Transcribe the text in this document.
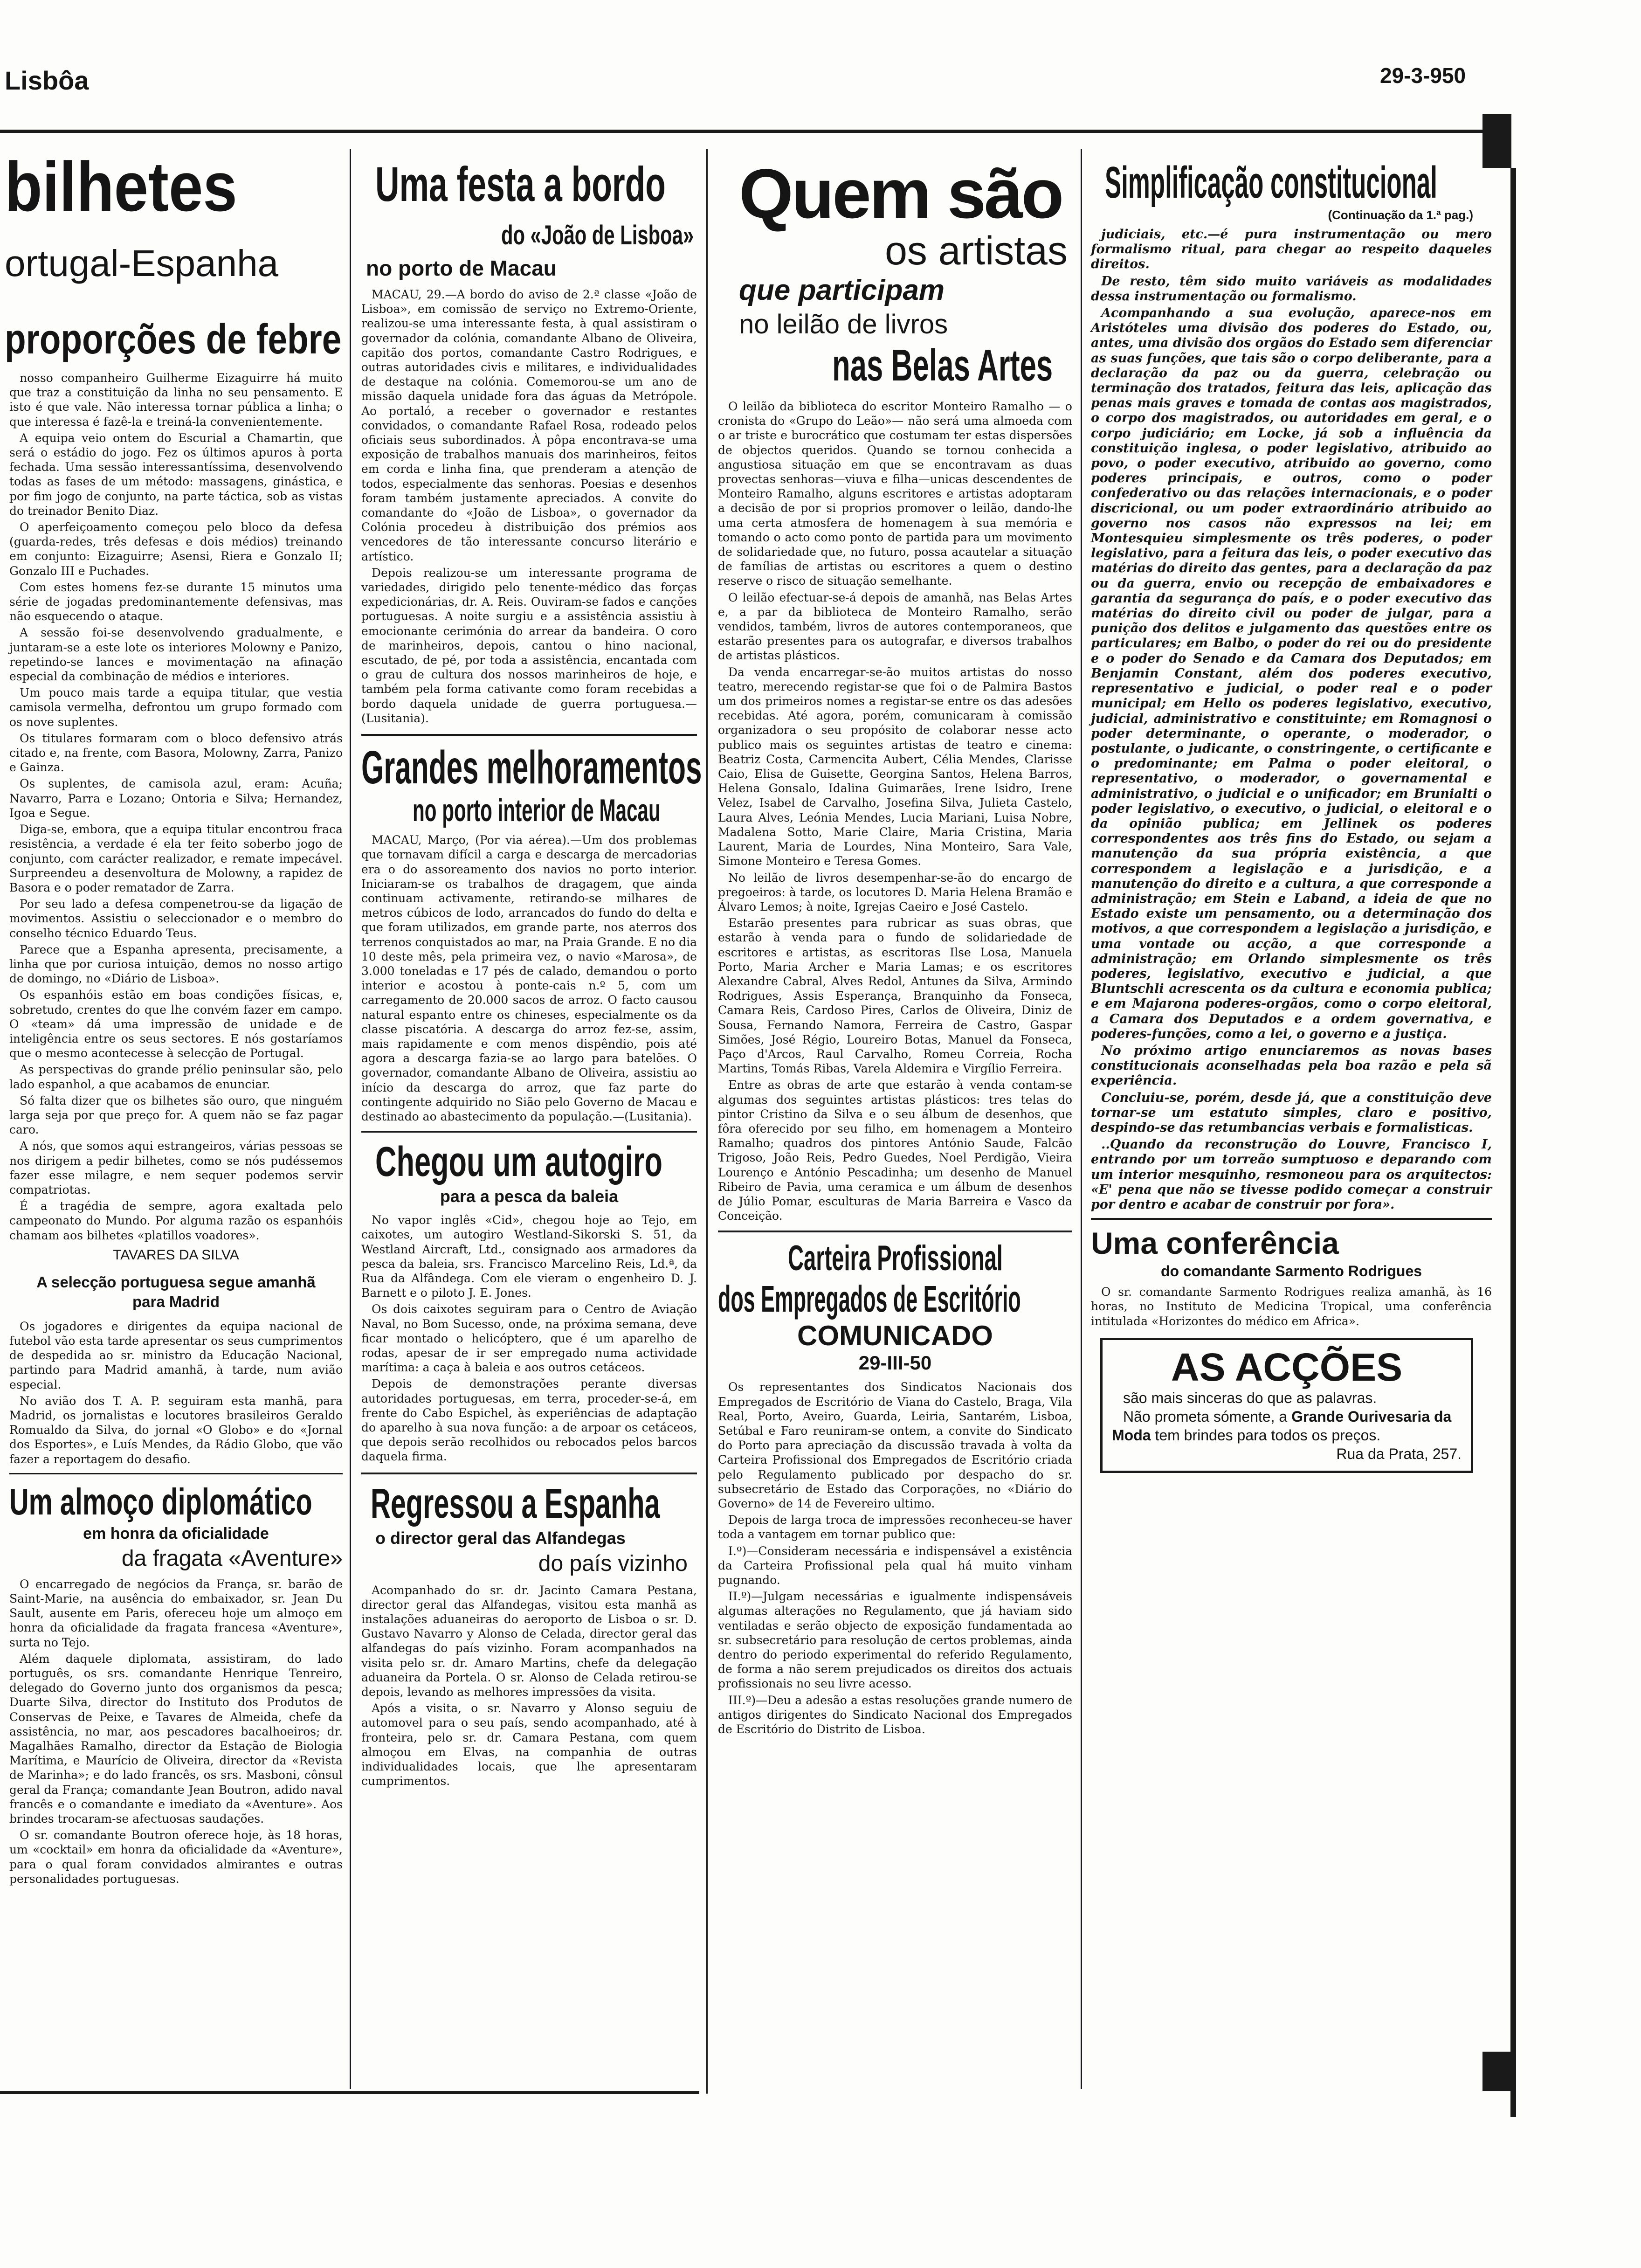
Lisbôa	29-3-950
bilhetes
ortugal-Espanha
proporções de febre

nosso companheiro Guilherme Eizaguirre há muito que traz a constituição da linha no seu pensamento. E isto é que vale. Não interessa tornar pública a linha; o que interessa é fazê-la e treiná-la convenientemente.

A equipa veio ontem do Escurial a Chamartin, que será o estádio do jogo. Fez os últimos apuros à porta fechada. Uma sessão interessantíssima, desenvolvendo todas as fases de um método: massagens, ginástica, e por fim jogo de conjunto, na parte táctica, sob as vistas do treinador Benito Diaz.

O aperfeiçoamento começou pelo bloco da defesa (guarda-redes, três defesas e dois médios) treinando em conjunto: Eizaguirre; Asensi, Riera e Gonzalo II; Gonzalo III e Puchades.

Com estes homens fez-se durante 15 minutos uma série de jogadas predominantemente defensivas, mas não esquecendo o ataque.

A sessão foi-se desenvolvendo gradualmente, e juntaram-se a este lote os interiores Molowny e Panizo, repetindo-se lances e movimentação na afinação especial da combinação de médios e interiores.

Um pouco mais tarde a equipa titular, que vestia camisola vermelha, defrontou um grupo formado com os nove suplentes.

Os titulares formaram com o bloco defensivo atrás citado e, na frente, com Basora, Molowny, Zarra, Panizo e Gainza.

Os suplentes, de camisola azul, eram: Acuña; Navarro, Parra e Lozano; Ontoria e Silva; Hernandez, Igoa e Segue.

Diga-se, embora, que a equipa titular encontrou fraca resistência, a verdade é ela ter feito soberbo jogo de conjunto, com carácter realizador, e remate impecável. Surpreendeu a desenvoltura de Molowny, a rapidez de Basora e o poder rematador de Zarra.

Por seu lado a defesa compenetrou-se da ligação de movimentos. Assistiu o seleccionador e o membro do conselho técnico Eduardo Teus.

Parece que a Espanha apresenta, precisamente, a linha que por curiosa intuição, demos no nosso artigo de domingo, no «Diário de Lisboa».

Os espanhóis estão em boas condições físicas, e, sobretudo, crentes do que lhe convém fazer em campo. O «team» dá uma impressão de unidade e de inteligência entre os seus sectores. E nós gostaríamos que o mesmo acontecesse à selecção de Portugal.

As perspectivas do grande prélio peninsular são, pelo lado espanhol, a que acabamos de enunciar.

Só falta dizer que os bilhetes são ouro, que ninguém larga seja por que preço for. A quem não se faz pagar caro.

A nós, que somos aqui estrangeiros, várias pessoas se nos dirigem a pedir bilhetes, como se nós pudéssemos fazer esse milagre, e nem sequer podemos servir compatriotas.

É a tragédia de sempre, agora exaltada pelo campeonato do Mundo. Por alguma razão os espanhóis chamam aos bilhetes «platillos voadores».

TAVARES DA SILVA
A selecção portuguesa segue amanhã para Madrid

Os jogadores e dirigentes da equipa nacional de futebol vão esta tarde apresentar os seus cumprimentos de despedida ao sr. ministro da Educação Nacional, partindo para Madrid amanhã, à tarde, num avião especial.

No avião dos T. A. P. seguiram esta manhã, para Madrid, os jornalistas e locutores brasileiros Geraldo Romualdo da Silva, do jornal «O Globo» e do «Jornal dos Esportes», e Luís Mendes, da Rádio Globo, que vão fazer a reportagem do desafio.

Um almoço diplomático
em honra da oficialidade
da fragata «Aventure»

O encarregado de negócios da França, sr. barão de Saint-Marie, na ausência do embaixador, sr. Jean Du Sault, ausente em Paris, ofereceu hoje um almoço em honra da oficialidade da fragata francesa «Aventure», surta no Tejo.

Além daquele diplomata, assistiram, do lado português, os srs. comandante Henrique Tenreiro, delegado do Governo junto dos organismos da pesca; Duarte Silva, director do Instituto dos Produtos de Conservas de Peixe, e Tavares de Almeida, chefe da assistência, no mar, aos pescadores bacalhoeiros; dr. Magalhães Ramalho, director da Estação de Biologia Marítima, e Maurício de Oliveira, director da «Revista de Marinha»; e do lado francês, os srs. Masboni, cônsul geral da França; comandante Jean Boutron, adido naval francês e o comandante e imediato da «Aventure». Aos brindes trocaram-se afectuosas saudações.

O sr. comandante Boutron oferece hoje, às 18 horas, um «cocktail» em honra da oficialidade da «Aventure», para o qual foram convidados almirantes e outras personalidades portuguesas.

Uma festa a bordo
do «João de Lisboa»
no porto de Macau

MACAU, 29.—A bordo do aviso de 2.ª classe «João de Lisboa», em comissão de serviço no Extremo-Oriente, realizou-se uma interessante festa, à qual assistiram o governador da colónia, comandante Albano de Oliveira, capitão dos portos, comandante Castro Rodrigues, e outras autoridades civis e militares, e individualidades de destaque na colónia. Comemorou-se um ano de missão daquela unidade fora das águas da Metrópole. Ao portaló, a receber o governador e restantes convidados, o comandante Rafael Rosa, rodeado pelos oficiais seus subordinados. À pôpa encontrava-se uma exposição de trabalhos manuais dos marinheiros, feitos em corda e linha fina, que prenderam a atenção de todos, especialmente das senhoras. Poesias e desenhos foram também justamente apreciados. A convite do comandante do «João de Lisboa», o governador da Colónia procedeu à distribuição dos prémios aos vencedores de tão interessante concurso literário e artístico.

Depois realizou-se um interessante programa de variedades, dirigido pelo tenente-médico das forças expedicionárias, dr. A. Reis. Ouviram-se fados e canções portuguesas. A noite surgiu e a assistência assistiu à emocionante cerimónia do arrear da bandeira. O coro de marinheiros, depois, cantou o hino nacional, escutado, de pé, por toda a assistência, encantada com o grau de cultura dos nossos marinheiros de hoje, e também pela forma cativante como foram recebidas a bordo daquela unidade de guerra portuguesa.—(Lusitania).

Grandes melhoramentos
no porto interior de Macau

MACAU, Março, (Por via aérea).—Um dos problemas que tornavam difícil a carga e descarga de mercadorias era o do assoreamento dos navios no porto interior. Iniciaram-se os trabalhos de dragagem, que ainda continuam activamente, retirando-se milhares de metros cúbicos de lodo, arrancados do fundo do delta e que foram utilizados, em grande parte, nos aterros dos terrenos conquistados ao mar, na Praia Grande. E no dia 10 deste mês, pela primeira vez, o navio «Marosa», de 3.000 toneladas e 17 pés de calado, demandou o porto interior e acostou à ponte-cais n.º 5, com um carregamento de 20.000 sacos de arroz. O facto causou natural espanto entre os chineses, especialmente os da classe piscatória. A descarga do arroz fez-se, assim, mais rapidamente e com menos dispêndio, pois até agora a descarga fazia-se ao largo para batelões. O governador, comandante Albano de Oliveira, assistiu ao início da descarga do arroz, que faz parte do contingente adquirido no Sião pelo Governo de Macau e destinado ao abastecimento da população.—(Lusitania).

Chegou um autogiro
para a pesca da baleia

No vapor inglês «Cid», chegou hoje ao Tejo, em caixotes, um autogiro Westland-Sikorski S. 51, da Westland Aircraft, Ltd., consignado aos armadores da pesca da baleia, srs. Francisco Marcelino Reis, Ld.ª, da Rua da Alfândega. Com ele vieram o engenheiro D. J. Barnett e o piloto J. E. Jones.

Os dois caixotes seguiram para o Centro de Aviação Naval, no Bom Sucesso, onde, na próxima semana, deve ficar montado o helicóptero, que é um aparelho de rodas, apesar de ir ser empregado numa actividade marítima: a caça à baleia e aos outros cetáceos.

Depois de demonstrações perante diversas autoridades portuguesas, em terra, proceder-se-á, em frente do Cabo Espichel, às experiências de adaptação do aparelho à sua nova função: a de arpoar os cetáceos, que depois serão recolhidos ou rebocados pelos barcos daquela firma.

Regressou a Espanha
o director geral das Alfandegas
do país vizinho

Acompanhado do sr. dr. Jacinto Camara Pestana, director geral das Alfandegas, visitou esta manhã as instalações aduaneiras do aeroporto de Lisboa o sr. D. Gustavo Navarro y Alonso de Celada, director geral das alfandegas do país vizinho. Foram acompanhados na visita pelo sr. dr. Amaro Martins, chefe da delegação aduaneira da Portela. O sr. Alonso de Celada retirou-se depois, levando as melhores impressões da visita.

Após a visita, o sr. Navarro y Alonso seguiu de automovel para o seu país, sendo acompanhado, até à fronteira, pelo sr. dr. Camara Pestana, com quem almoçou em Elvas, na companhia de outras individualidades locais, que lhe apresentaram cumprimentos.

Quem são
os artistas
que participam
no leilão de livros
nas Belas Artes

O leilão da biblioteca do escritor Monteiro Ramalho — o cronista do «Grupo do Leão»— não será uma almoeda com o ar triste e burocrático que costumam ter estas dispersões de objectos queridos. Quando se tornou conhecida a angustiosa situação em que se encontravam as duas provectas senhoras—viuva e filha—unicas descendentes de Monteiro Ramalho, alguns escritores e artistas adoptaram a decisão de por si proprios promover o leilão, dando-lhe uma certa atmosfera de homenagem à sua memória e tomando o acto como ponto de partida para um movimento de solidariedade que, no futuro, possa acautelar a situação de famílias de artistas ou escritores a quem o destino reserve o risco de situação semelhante.

O leilão efectuar-se-á depois de amanhã, nas Belas Artes e, a par da biblioteca de Monteiro Ramalho, serão vendidos, também, livros de autores contemporaneos, que estarão presentes para os autografar, e diversos trabalhos de artistas plásticos.

Da venda encarregar-se-ão muitos artistas do nosso teatro, merecendo registar-se que foi o de Palmira Bastos um dos primeiros nomes a registar-se entre os das adesões recebidas. Até agora, porém, comunicaram à comissão organizadora o seu propósito de colaborar nesse acto publico mais os seguintes artistas de teatro e cinema: Beatriz Costa, Carmencita Aubert, Célia Mendes, Clarisse Caio, Elisa de Guisette, Georgina Santos, Helena Barros, Helena Gonsalo, Idalina Guimarães, Irene Isidro, Irene Velez, Isabel de Carvalho, Josefina Silva, Julieta Castelo, Laura Alves, Leónia Mendes, Lucia Mariani, Luisa Nobre, Madalena Sotto, Marie Claire, Maria Cristina, Maria Laurent, Maria de Lourdes, Nina Monteiro, Sara Vale, Simone Monteiro e Teresa Gomes.

No leilão de livros desempenhar-se-ão do encargo de pregoeiros: à tarde, os locutores D. Maria Helena Bramão e Álvaro Lemos; à noite, Igrejas Caeiro e José Castelo.

Estarão presentes para rubricar as suas obras, que estarão à venda para o fundo de solidariedade de escritores e artistas, as escritoras Ilse Losa, Manuela Porto, Maria Archer e Maria Lamas; e os escritores Alexandre Cabral, Alves Redol, Antunes da Silva, Armindo Rodrigues, Assis Esperança, Branquinho da Fonseca, Camara Reis, Cardoso Pires, Carlos de Oliveira, Diniz de Sousa, Fernando Namora, Ferreira de Castro, Gaspar Simões, José Régio, Loureiro Botas, Manuel da Fonseca, Paço d'Arcos, Raul Carvalho, Romeu Correia, Rocha Martins, Tomás Ribas, Varela Aldemira e Virgílio Ferreira.

Entre as obras de arte que estarão à venda contam-se algumas dos seguintes artistas plásticos: tres telas do pintor Cristino da Silva e o seu álbum de desenhos, que fôra oferecido por seu filho, em homenagem a Monteiro Ramalho; quadros dos pintores António Saude, Falcão Trigoso, João Reis, Pedro Guedes, Noel Perdigão, Vieira Lourenço e António Pescadinha; um desenho de Manuel Ribeiro de Pavia, uma ceramica e um álbum de desenhos de Júlio Pomar, esculturas de Maria Barreira e Vasco da Conceição.

Carteira Profissional
dos Empregados de Escritório
COMUNICADO
29-III-50

Os representantes dos Sindicatos Nacionais dos Empregados de Escritório de Viana do Castelo, Braga, Vila Real, Porto, Aveiro, Guarda, Leiria, Santarém, Lisboa, Setúbal e Faro reuniram-se ontem, a convite do Sindicato do Porto para apreciação da discussão travada à volta da Carteira Profissional dos Empregados de Escritório criada pelo Regulamento publicado por despacho do sr. subsecretário de Estado das Corporações, no «Diário do Governo» de 14 de Fevereiro ultimo.

Depois de larga troca de impressões reconheceu-se haver toda a vantagem em tornar publico que:

I.º)—Consideram necessária e indispensável a existência da Carteira Profissional pela qual há muito vinham pugnando.

II.º)—Julgam necessárias e igualmente indispensáveis algumas alterações no Regulamento, que já haviam sido ventiladas e serão objecto de exposição fundamentada ao sr. subsecretário para resolução de certos problemas, ainda dentro do periodo experimental do referido Regulamento, de forma a não serem prejudicados os direitos dos actuais profissionais no seu livre acesso.

III.º)—Deu a adesão a estas resoluções grande numero de antigos dirigentes do Sindicato Nacional dos Empregados de Escritório do Distrito de Lisboa.

Simplificação constitucional
(Continuação da 1.ª pag.)

judiciais, etc.—é pura instrumentação ou mero formalismo ritual, para chegar ao respeito daqueles direitos.

De resto, têm sido muito variáveis as modalidades dessa instrumentação ou formalismo.

Acompanhando a sua evolução, aparece-nos em Aristóteles uma divisão dos poderes do Estado, ou, antes, uma divisão dos orgãos do Estado sem diferenciar as suas funções, que tais são o corpo deliberante, para a declaração da paz ou da guerra, celebração ou terminação dos tratados, feitura das leis, aplicação das penas mais graves e tomada de contas aos magistrados, o corpo dos magistrados, ou autoridades em geral, e o corpo judiciário; em Locke, já sob a influência da constituição inglesa, o poder legislativo, atribuido ao povo, o poder executivo, atribuido ao governo, como poderes principais, e outros, como o poder confederativo ou das relações internacionais, e o poder discricional, ou um poder extraordinário atribuido ao governo nos casos não expressos na lei; em Montesquieu simplesmente os três poderes, o poder legislativo, para a feitura das leis, o poder executivo das matérias do direito das gentes, para a declaração da paz ou da guerra, envio ou recepção de embaixadores e garantia da segurança do país, e o poder executivo das matérias do direito civil ou poder de julgar, para a punição dos delitos e julgamento das questões entre os particulares; em Balbo, o poder do rei ou do presidente e o poder do Senado e da Camara dos Deputados; em Benjamin Constant, além dos poderes executivo, representativo e judicial, o poder real e o poder municipal; em Hello os poderes legislativo, executivo, judicial, administrativo e constituinte; em Romagnosi o poder determinante, o operante, o moderador, o postulante, o judicante, o constringente, o certificante e o predominante; em Palma o poder eleitoral, o representativo, o moderador, o governamental e administrativo, o judicial e o unificador; em Brunialti o poder legislativo, o executivo, o judicial, o eleitoral e o da opinião publica; em Jellinek os poderes correspondentes aos três fins do Estado, ou sejam a manutenção da sua própria existência, a que correspondem a legislação e a jurisdição, e a manutenção do direito e a cultura, a que corresponde a administração; em Stein e Laband, a ideia de que no Estado existe um pensamento, ou a determinação dos motivos, a que correspondem a legislação a jurisdição, e uma vontade ou acção, a que corresponde a administração; em Orlando simplesmente os três poderes, legislativo, executivo e judicial, a que Bluntschli acrescenta os da cultura e economia publica; e em Majarona poderes-orgãos, como o corpo eleitoral, a Camara dos Deputados e a ordem governativa, e poderes-funções, como a lei, o governo e a justiça.

No próximo artigo enunciaremos as novas bases constitucionais aconselhadas pela boa razão e pela sã experiência.

Concluiu-se, porém, desde já, que a constituição deve tornar-se um estatuto simples, claro e positivo, despindo-se das retumbancias verbais e formalisticas.

..Quando da reconstrução do Louvre, Francisco I, entrando por um torreão sumptuoso e deparando com um interior mesquinho, resmoneou para os arquitectos: «E' pena que não se tivesse podido começar a construir por dentro e acabar de construir por fora».

Uma conferência
do comandante Sarmento Rodrigues

O sr. comandante Sarmento Rodrigues realiza amanhã, às 16 horas, no Instituto de Medicina Tropical, uma conferência intitulada «Horizontes do médico em Africa».

AS ACÇÕES
são mais sinceras do que as palavras.
Não prometa sómente, a Grande Ourivesaria da Moda tem brindes para todos os preços.
Rua da Prata, 257.
